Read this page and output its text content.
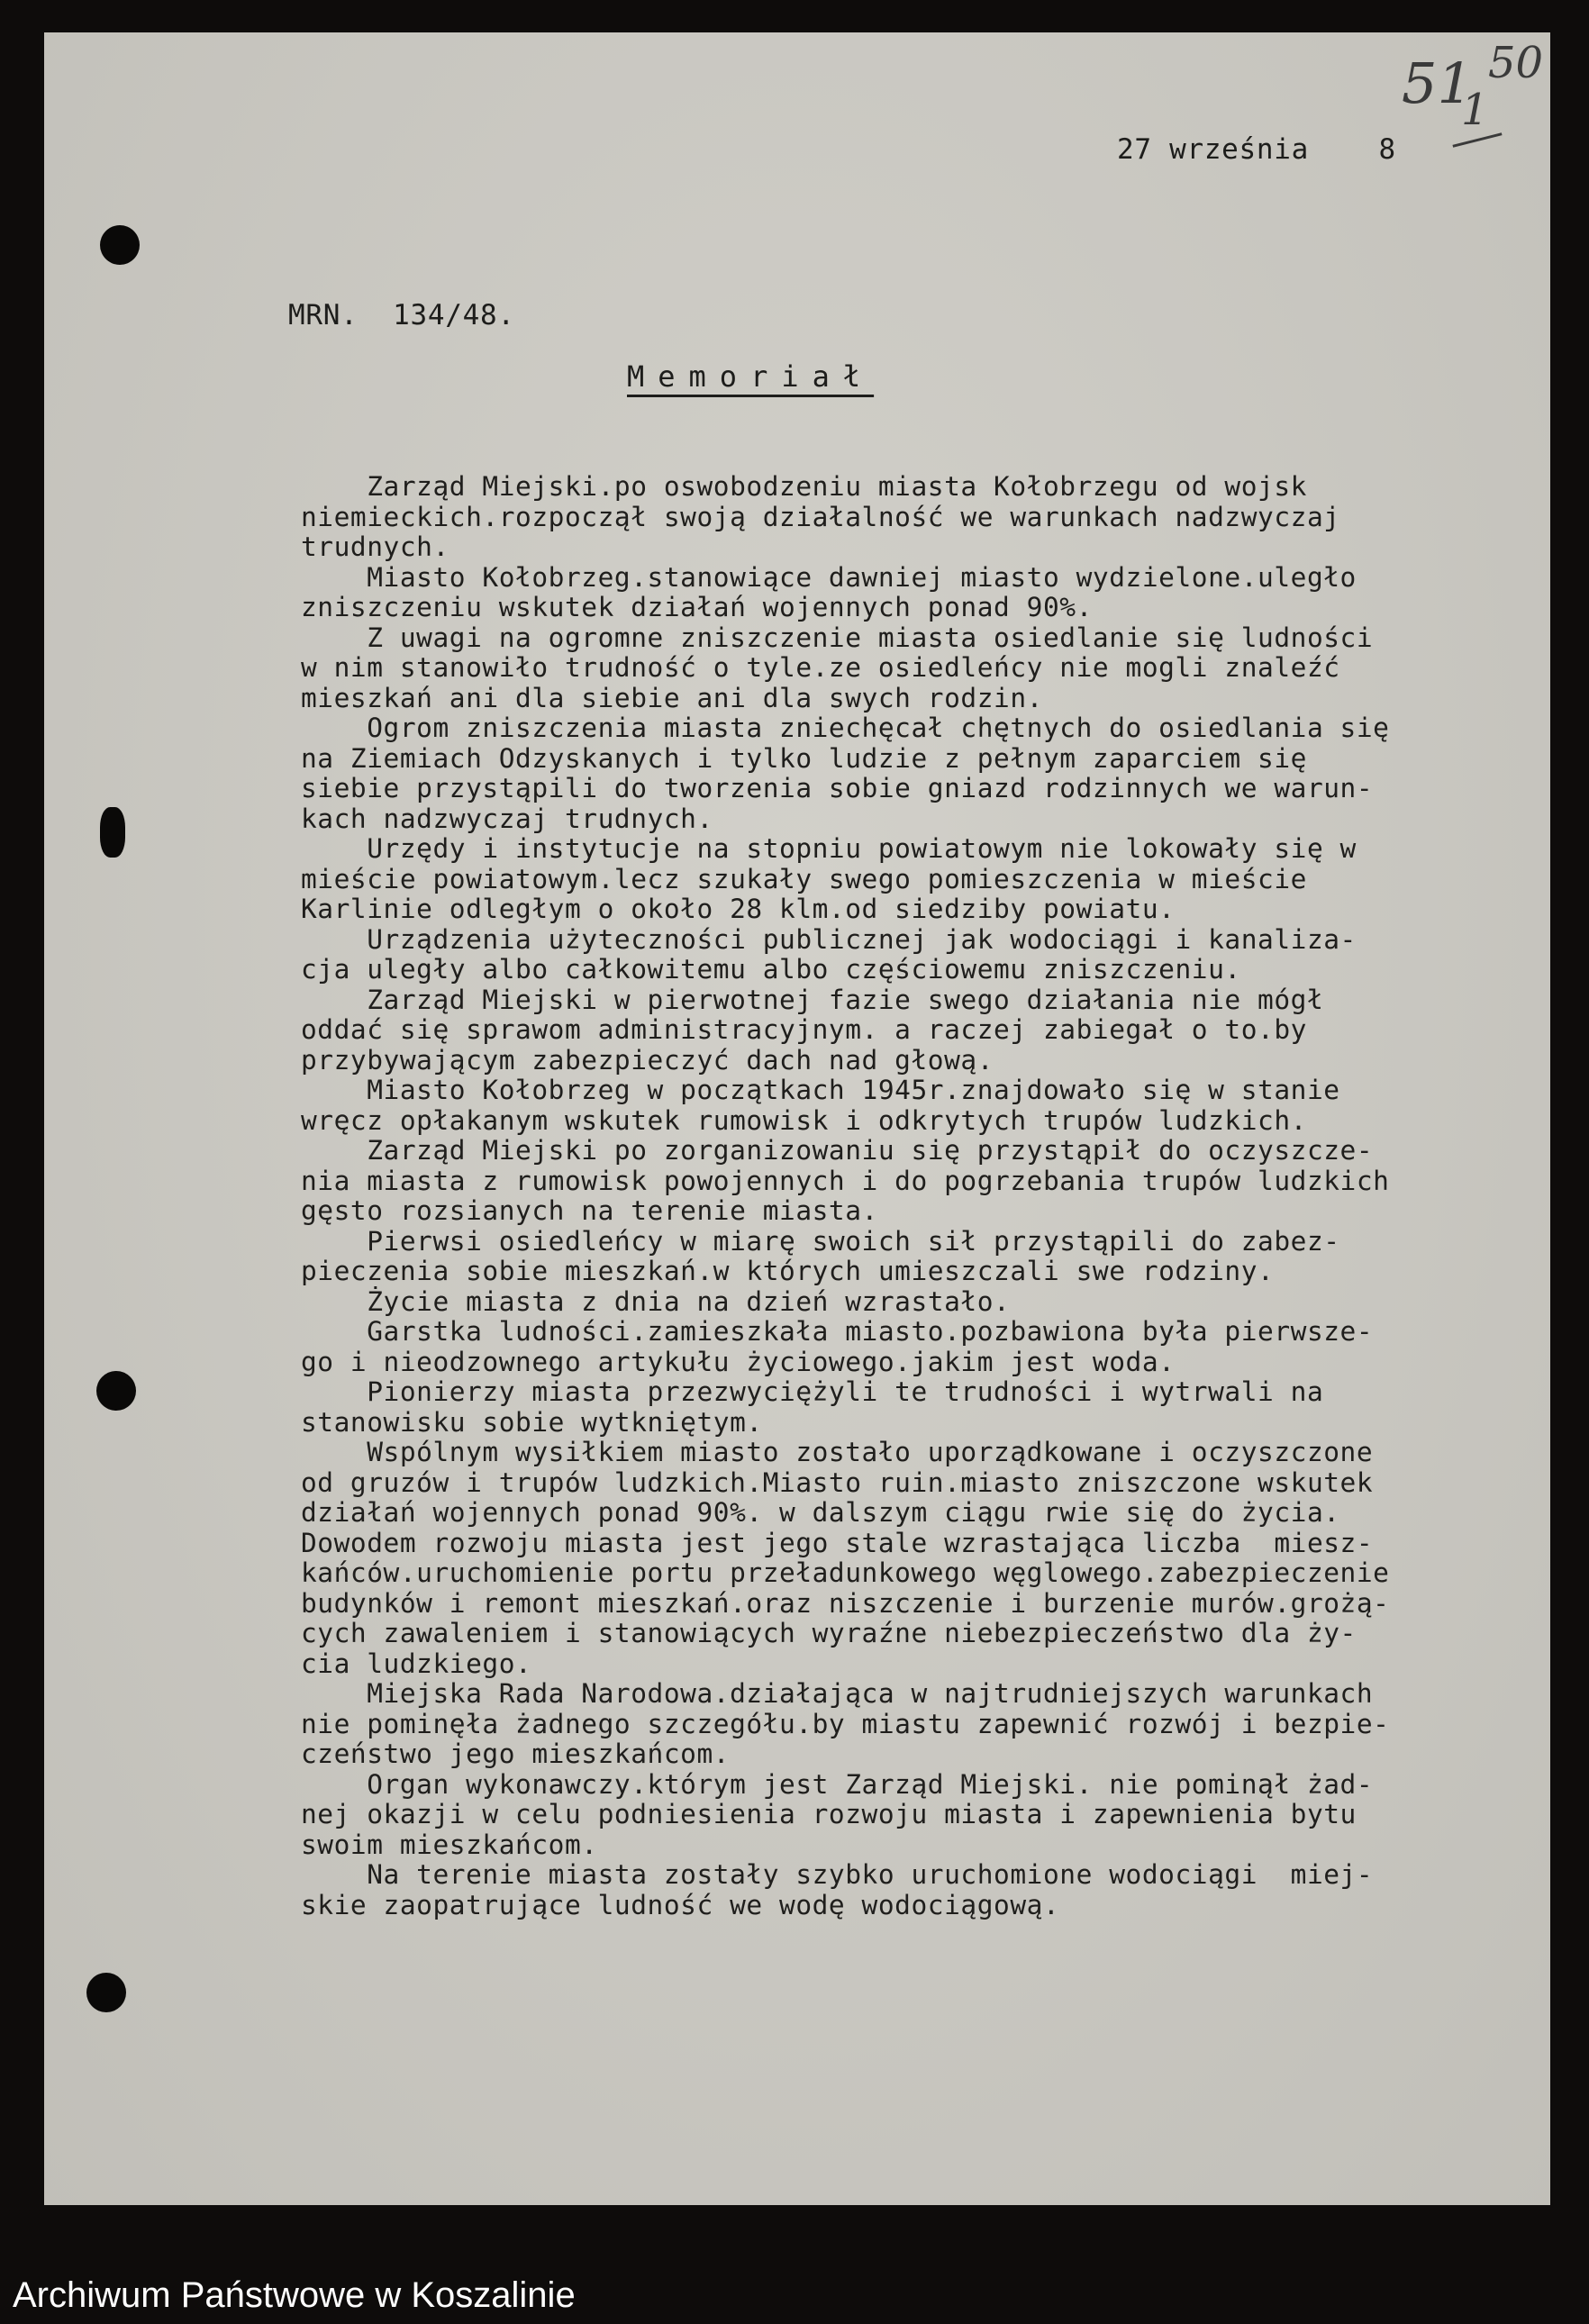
51 50
1
27 września    8
MRN.  134/48.
Memoriał
Zarząd Miejski.po oswobodzeniu miasta Kołobrzegu od wojsk
niemieckich.rozpoczął swoją działalność we warunkach nadzwyczaj
trudnych.
Miasto Kołobrzeg.stanowiące dawniej miasto wydzielone.uległo
zniszczeniu wskutek działań wojennych ponad 90%.
Z uwagi na ogromne zniszczenie miasta osiedlanie się ludności
w nim stanowiło trudność o tyle.ze osiedleńcy nie mogli znaleźć
mieszkań ani dla siebie ani dla swych rodzin.
Ogrom zniszczenia miasta zniechęcał chętnych do osiedlania się
na Ziemiach Odzyskanych i tylko ludzie z pełnym zaparciem się
siebie przystąpili do tworzenia sobie gniazd rodzinnych we warun-
kach nadzwyczaj trudnych.
Urzędy i instytucje na stopniu powiatowym nie lokowały się w
mieście powiatowym.lecz szukały swego pomieszczenia w mieście
Karlinie odległym o około 28 klm.od siedziby powiatu.
Urządzenia użyteczności publicznej jak wodociągi i kanaliza-
cja uległy albo całkowitemu albo częściowemu zniszczeniu.
Zarząd Miejski w pierwotnej fazie swego działania nie mógł
oddać się sprawom administracyjnym. a raczej zabiegał o to.by
przybywającym zabezpieczyć dach nad głową.
Miasto Kołobrzeg w początkach 1945r.znajdowało się w stanie
wręcz opłakanym wskutek rumowisk i odkrytych trupów ludzkich.
Zarząd Miejski po zorganizowaniu się przystąpił do oczyszcze-
nia miasta z rumowisk powojennych i do pogrzebania trupów ludzkich
gęsto rozsianych na terenie miasta.
Pierwsi osiedleńcy w miarę swoich sił przystąpili do zabez-
pieczenia sobie mieszkań.w których umieszczali swe rodziny.
Życie miasta z dnia na dzień wzrastało.
Garstka ludności.zamieszkała miasto.pozbawiona była pierwsze-
go i nieodzownego artykułu życiowego.jakim jest woda.
Pionierzy miasta przezwyciężyli te trudności i wytrwali na
stanowisku sobie wytkniętym.
Wspólnym wysiłkiem miasto zostało uporządkowane i oczyszczone
od gruzów i trupów ludzkich.Miasto ruin.miasto zniszczone wskutek
działań wojennych ponad 90%. w dalszym ciągu rwie się do życia.
Dowodem rozwoju miasta jest jego stale wzrastająca liczba  miesz-
kańców.uruchomienie portu przeładunkowego węglowego.zabezpieczenie
budynków i remont mieszkań.oraz niszczenie i burzenie murów.grożą-
cych zawaleniem i stanowiących wyraźne niebezpieczeństwo dla ży-
cia ludzkiego.
Miejska Rada Narodowa.działająca w najtrudniejszych warunkach
nie pominęła żadnego szczegółu.by miastu zapewnić rozwój i bezpie-
czeństwo jego mieszkańcom.
Organ wykonawczy.którym jest Zarząd Miejski. nie pominął żad-
nej okazji w celu podniesienia rozwoju miasta i zapewnienia bytu
swoim mieszkańcom.
Na terenie miasta zostały szybko uruchomione wodociągi  miej-
skie zaopatrujące ludność we wodę wodociągową.
Archiwum Państwowe w Koszalinie
